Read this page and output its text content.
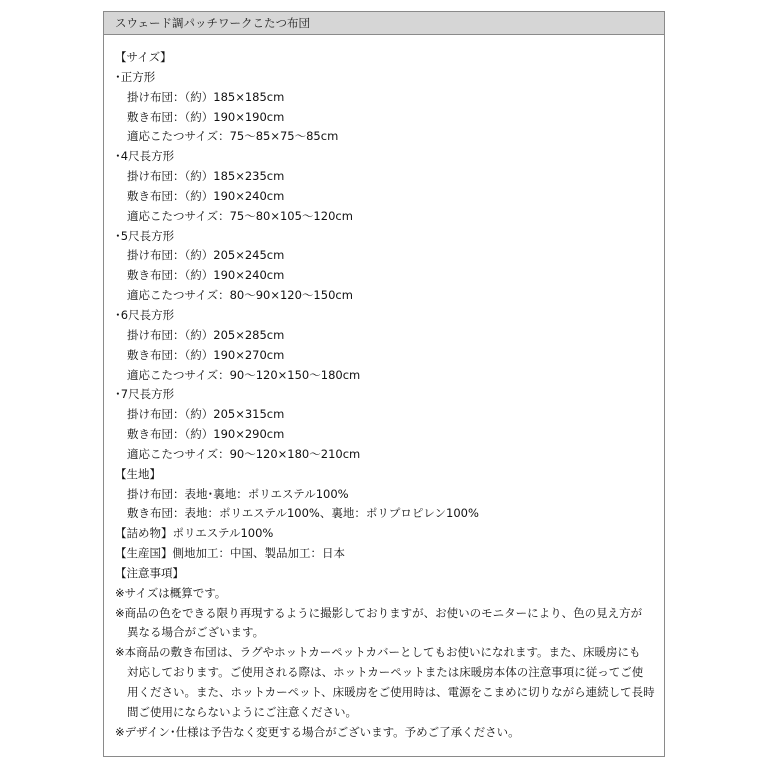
スウェード調パッチワークこたつ布団
【サイズ】
･正方形
掛け布団：（約）185×185cm
敷き布団：（約）190×190cm
適応こたつサイズ：75～85×75～85cm
･4尺長方形
掛け布団：（約）185×235cm
敷き布団：（約）190×240cm
適応こたつサイズ：75～80×105～120cm
･5尺長方形
掛け布団：（約）205×245cm
敷き布団：（約）190×240cm
適応こたつサイズ：80～90×120～150cm
･6尺長方形
掛け布団：（約）205×285cm
敷き布団：（約）190×270cm
適応こたつサイズ：90～120×150～180cm
･7尺長方形
掛け布団：（約）205×315cm
敷き布団：（約）190×290cm
適応こたつサイズ：90～120×180～210cm
【生地】
掛け布団：表地･裏地：ポリエステル100%
敷き布団：表地：ポリエステル100%、裏地：ポリプロピレン100%
【詰め物】ポリエステル100%
【生産国】側地加工：中国、製品加工：日本
【注意事項】
※サイズは概算です。
※商品の色をできる限り再現するように撮影しておりますが、お使いのモニターにより、色の見え方が
異なる場合がございます。
※本商品の敷き布団は、ラグやホットカーペットカバーとしてもお使いになれます。また、床暖房にも
対応しております。ご使用される際は、ホットカーペットまたは床暖房本体の注意事項に従ってご使
用ください。また、ホットカーペット、床暖房をご使用時は、電源をこまめに切りながら連続して長時
間ご使用にならないようにご注意ください。
※デザイン･仕様は予告なく変更する場合がございます。予めご了承ください。
